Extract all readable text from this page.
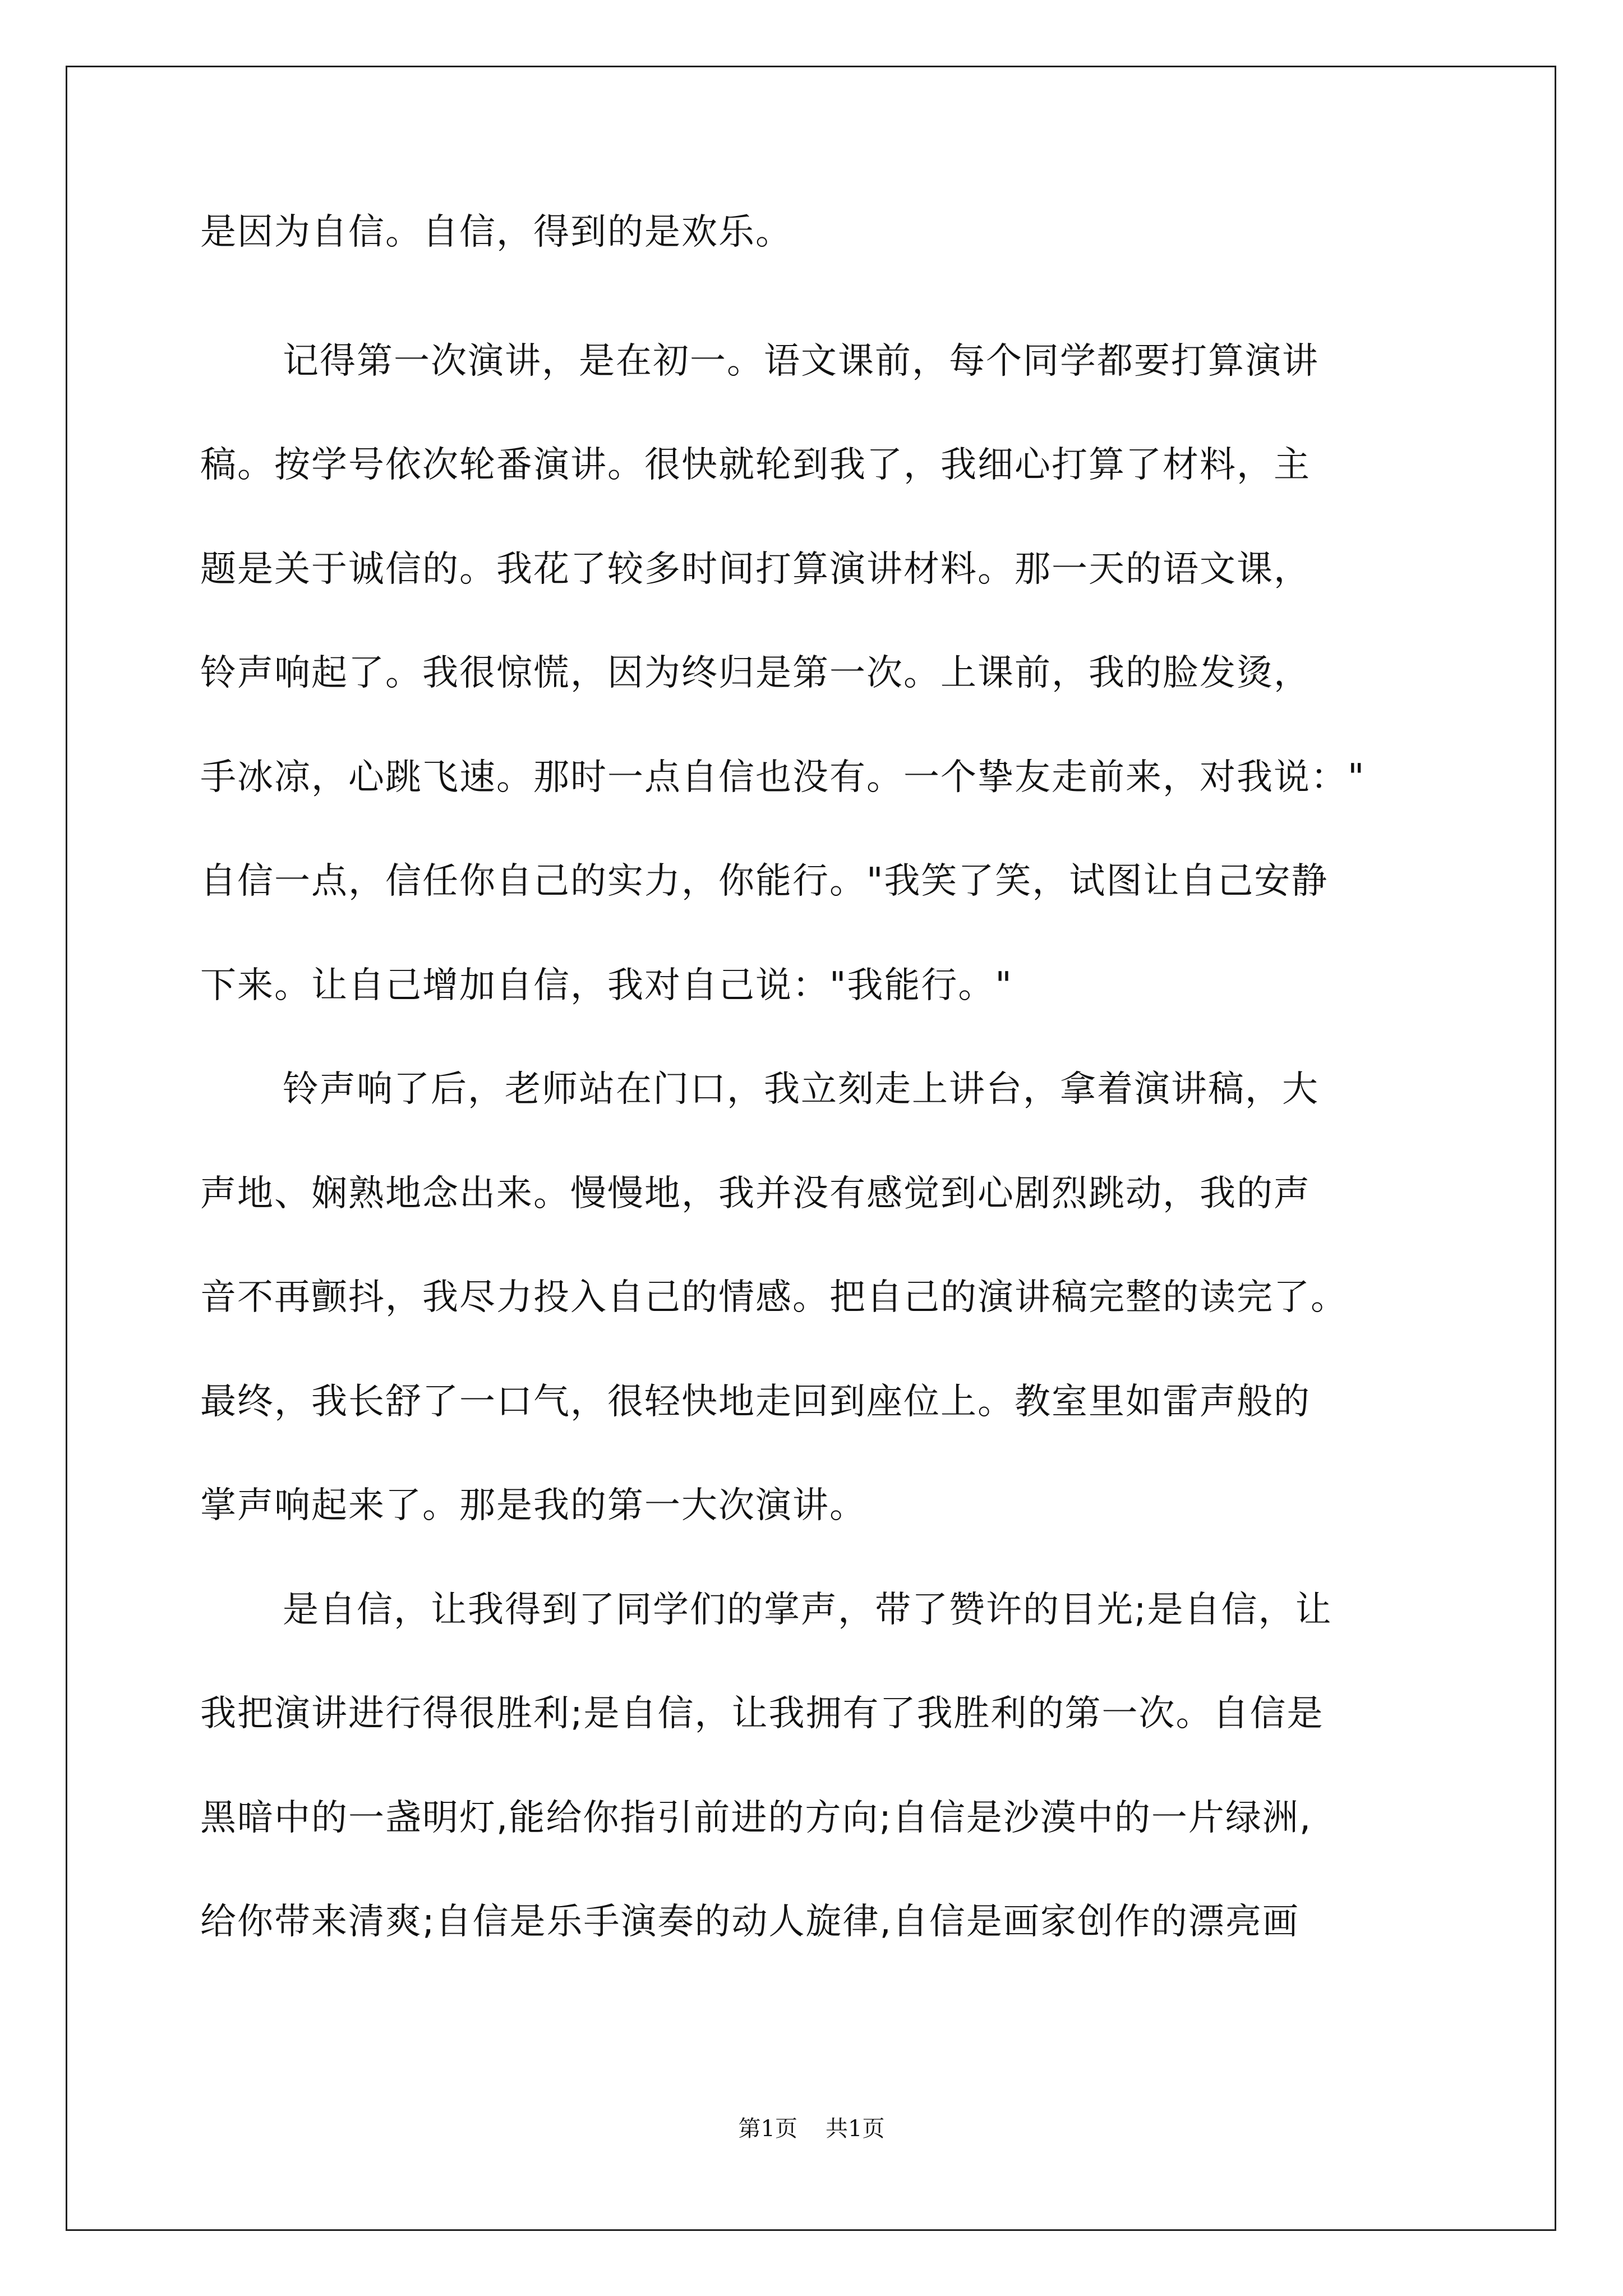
是因为自信。自信，得到的是欢乐。
记得第一次演讲，是在初一。语文课前，每个同学都要打算演讲
稿。按学号依次轮番演讲。很快就轮到我了，我细心打算了材料，主
题是关于诚信的。我花了较多时间打算演讲材料。那一天的语文课，
铃声响起了。我很惊慌，因为终归是第一次。上课前，我的脸发烫，
手冰凉，心跳飞速。那时一点自信也没有。一个挚友走前来，对我说："
自信一点，信任你自己的实力，你能行。"我笑了笑，试图让自己安静
下来。让自己增加自信，我对自己说："我能行。"
铃声响了后，老师站在门口，我立刻走上讲台，拿着演讲稿，大
声地、娴熟地念出来。慢慢地，我并没有感觉到心剧烈跳动，我的声
音不再颤抖，我尽力投入自己的情感。把自己的演讲稿完整的读完了。
最终，我长舒了一口气，很轻快地走回到座位上。教室里如雷声般的
掌声响起来了。那是我的第一大次演讲。
是自信，让我得到了同学们的掌声，带了赞许的目光;是自信，让
我把演讲进行得很胜利;是自信，让我拥有了我胜利的第一次。自信是
黑暗中的一盏明灯,能给你指引前进的方向;自信是沙漠中的一片绿洲,
给你带来清爽;自信是乐手演奏的动人旋律,自信是画家创作的漂亮画
第1页 共1页
